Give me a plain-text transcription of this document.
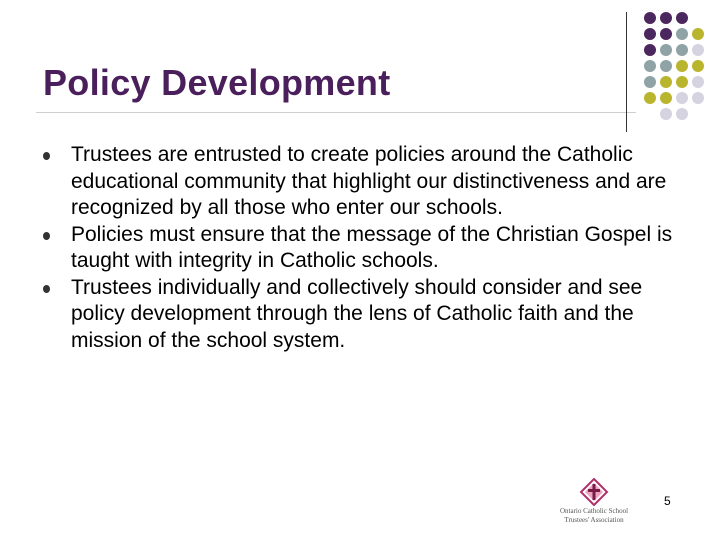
Policy Development
Trustees are entrusted to create policies around the Catholic educational community that highlight our distinctiveness and are recognized by all those who enter our schools.
Policies must ensure that the message of the Christian Gospel is taught with integrity in Catholic schools.
Trustees individually and collectively should consider and see policy development through the lens of Catholic faith and the mission of the school system.
Ontario Catholic School
Trustees' Association
5
